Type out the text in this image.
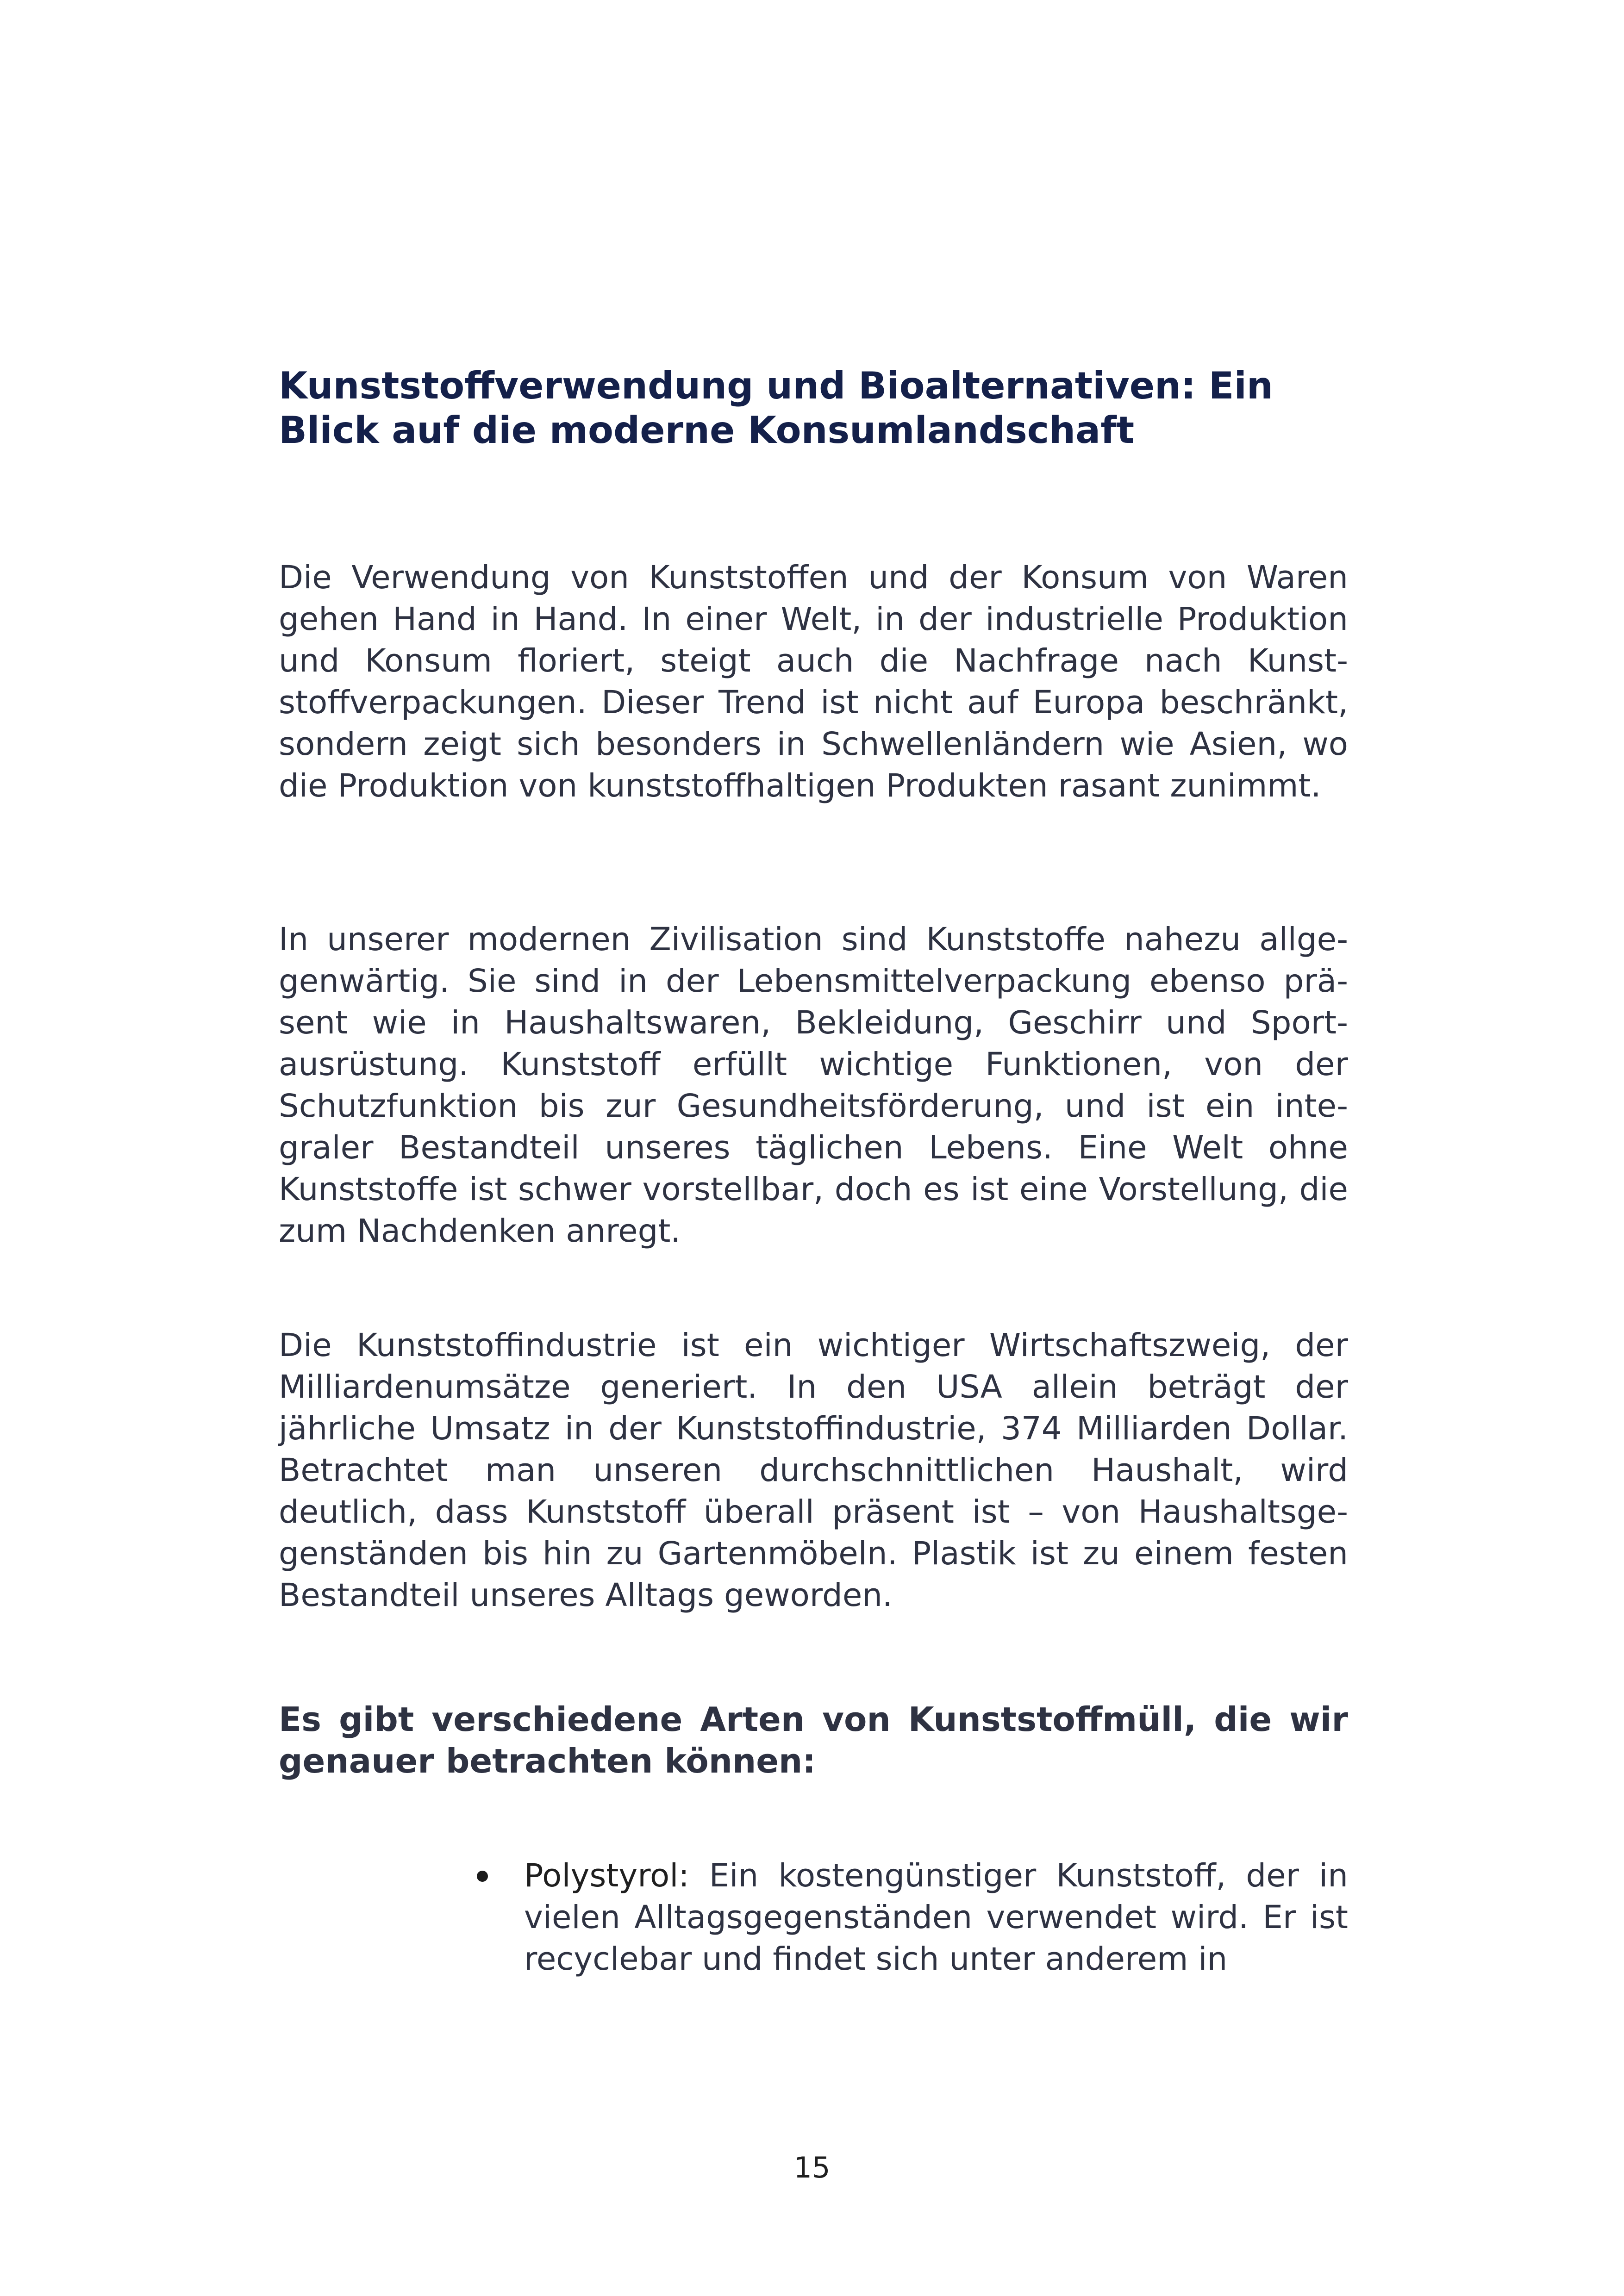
Kunststoffverwendung und Bioalternativen: Ein Blick auf die moderne Konsumlandschaft

Die Verwendung von Kunststoffen und der Konsum von Waren gehen Hand in Hand. In einer Welt, in der industrielle Produktion und Konsum floriert, steigt auch die Nachfrage nach Kunststoffverpackungen. Dieser Trend ist nicht auf Europa beschränkt, sondern zeigt sich besonders in Schwellenländern wie Asien, wo die Produktion von kunststoffhaltigen Produkten rasant zunimmt.

In unserer modernen Zivilisation sind Kunststoffe nahezu allgegenwärtig. Sie sind in der Lebensmittelverpackung ebenso präsent wie in Haushaltswaren, Bekleidung, Geschirr und Sportausrüstung. Kunststoff erfüllt wichtige Funktionen, von der Schutzfunktion bis zur Gesundheitsförderung, und ist ein integraler Bestandteil unseres täglichen Lebens. Eine Welt ohne Kunststoffe ist schwer vorstellbar, doch es ist eine Vorstellung, die zum Nachdenken anregt.

Die Kunststoffindustrie ist ein wichtiger Wirtschaftszweig, der Milliardenumsätze generiert. In den USA allein beträgt der jährliche Umsatz in der Kunststoffindustrie, 374 Milliarden Dollar. Betrachtet man unseren durchschnittlichen Haushalt, wird deutlich, dass Kunststoff überall präsent ist – von Haushaltsgegenständen bis hin zu Gartenmöbeln. Plastik ist zu einem festen Bestandteil unseres Alltags geworden.

Es gibt verschiedene Arten von Kunststoffmüll, die wir genauer betrachten können:

Polystyrol: Ein kostengünstiger Kunststoff, der in vielen Alltagsgegenständen verwendet wird. Er ist recyclebar und findet sich unter anderem in
15
